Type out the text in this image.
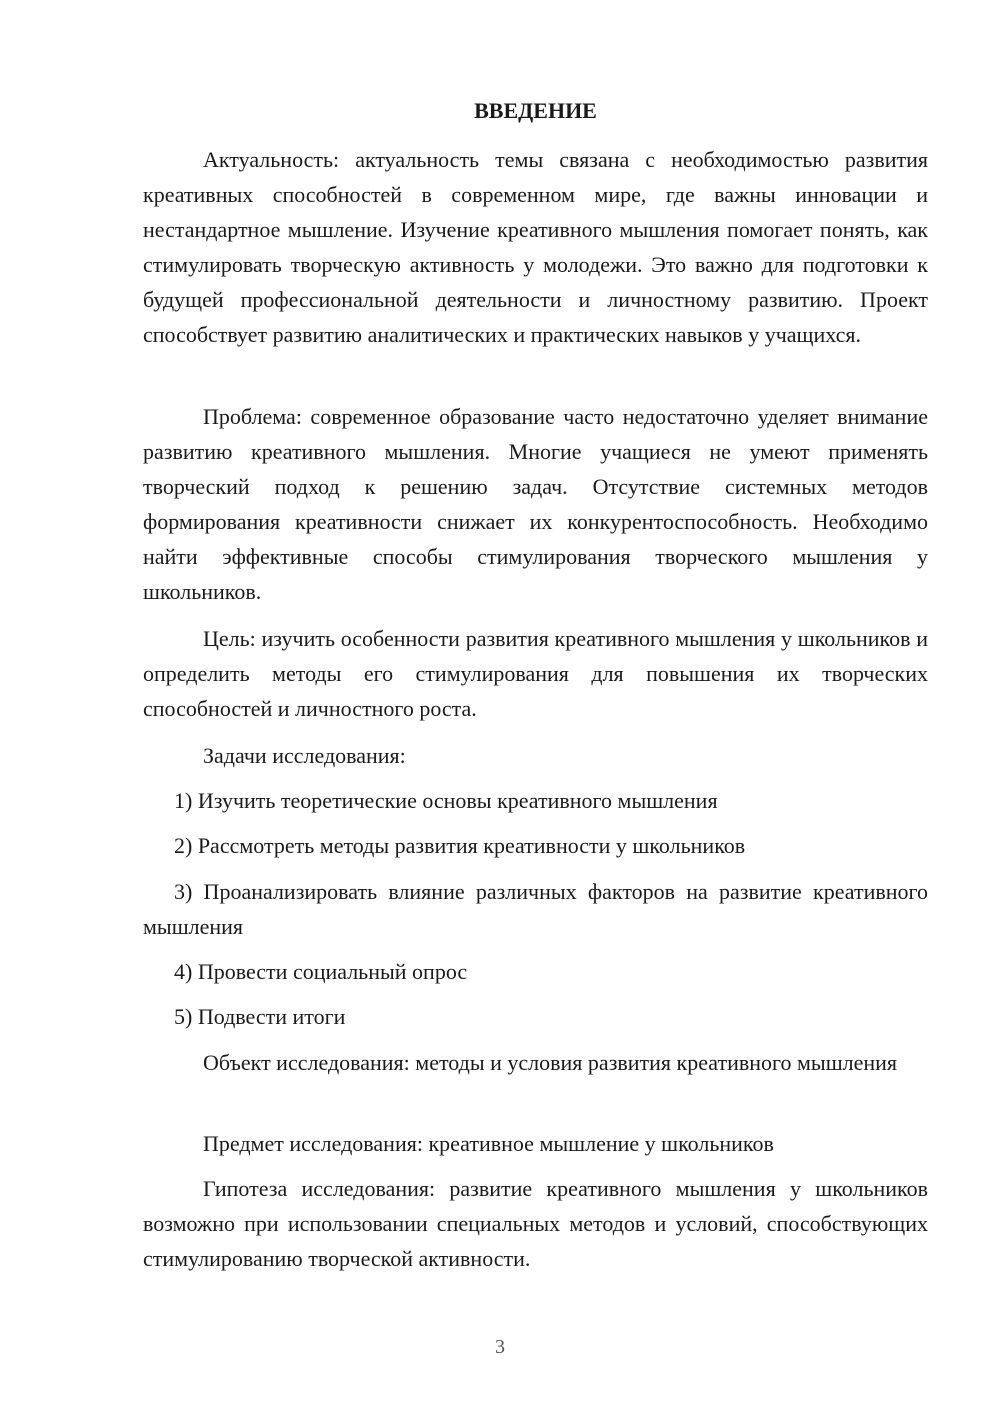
ВВЕДЕНИЕ
Актуальность: актуальность темы связана с необходимостью развития креативных способностей в современном мире, где важны инновации и нестандартное мышление. Изучение креативного мышления помогает понять, как стимулировать творческую активность у молодежи. Это важно для подготовки к будущей профессиональной деятельности и личностному развитию. Проект способствует развитию аналитических и практических навыков у учащихся.
Проблема: современное образование часто недостаточно уделяет внимание развитию креативного мышления. Многие учащиеся не умеют применять творческий подход к решению задач. Отсутствие системных методов формирования креативности снижает их конкурентоспособность. Необходимо найти эффективные способы стимулирования творческого мышления у школьников.
Цель: изучить особенности развития креативного мышления у школьников и определить методы его стимулирования для повышения их творческих способностей и личностного роста.
Задачи исследования:
1) Изучить теоретические основы креативного мышления
2) Рассмотреть методы развития креативности у школьников
3) Проанализировать влияние различных факторов на развитие креативного мышления
4) Провести социальный опрос
5) Подвести итоги
Объект исследования: методы и условия развития креативного мышления
Предмет исследования: креативное мышление у школьников
Гипотеза исследования: развитие креативного мышления у школьников возможно при использовании специальных методов и условий, способствующих стимулированию творческой активности.
3
